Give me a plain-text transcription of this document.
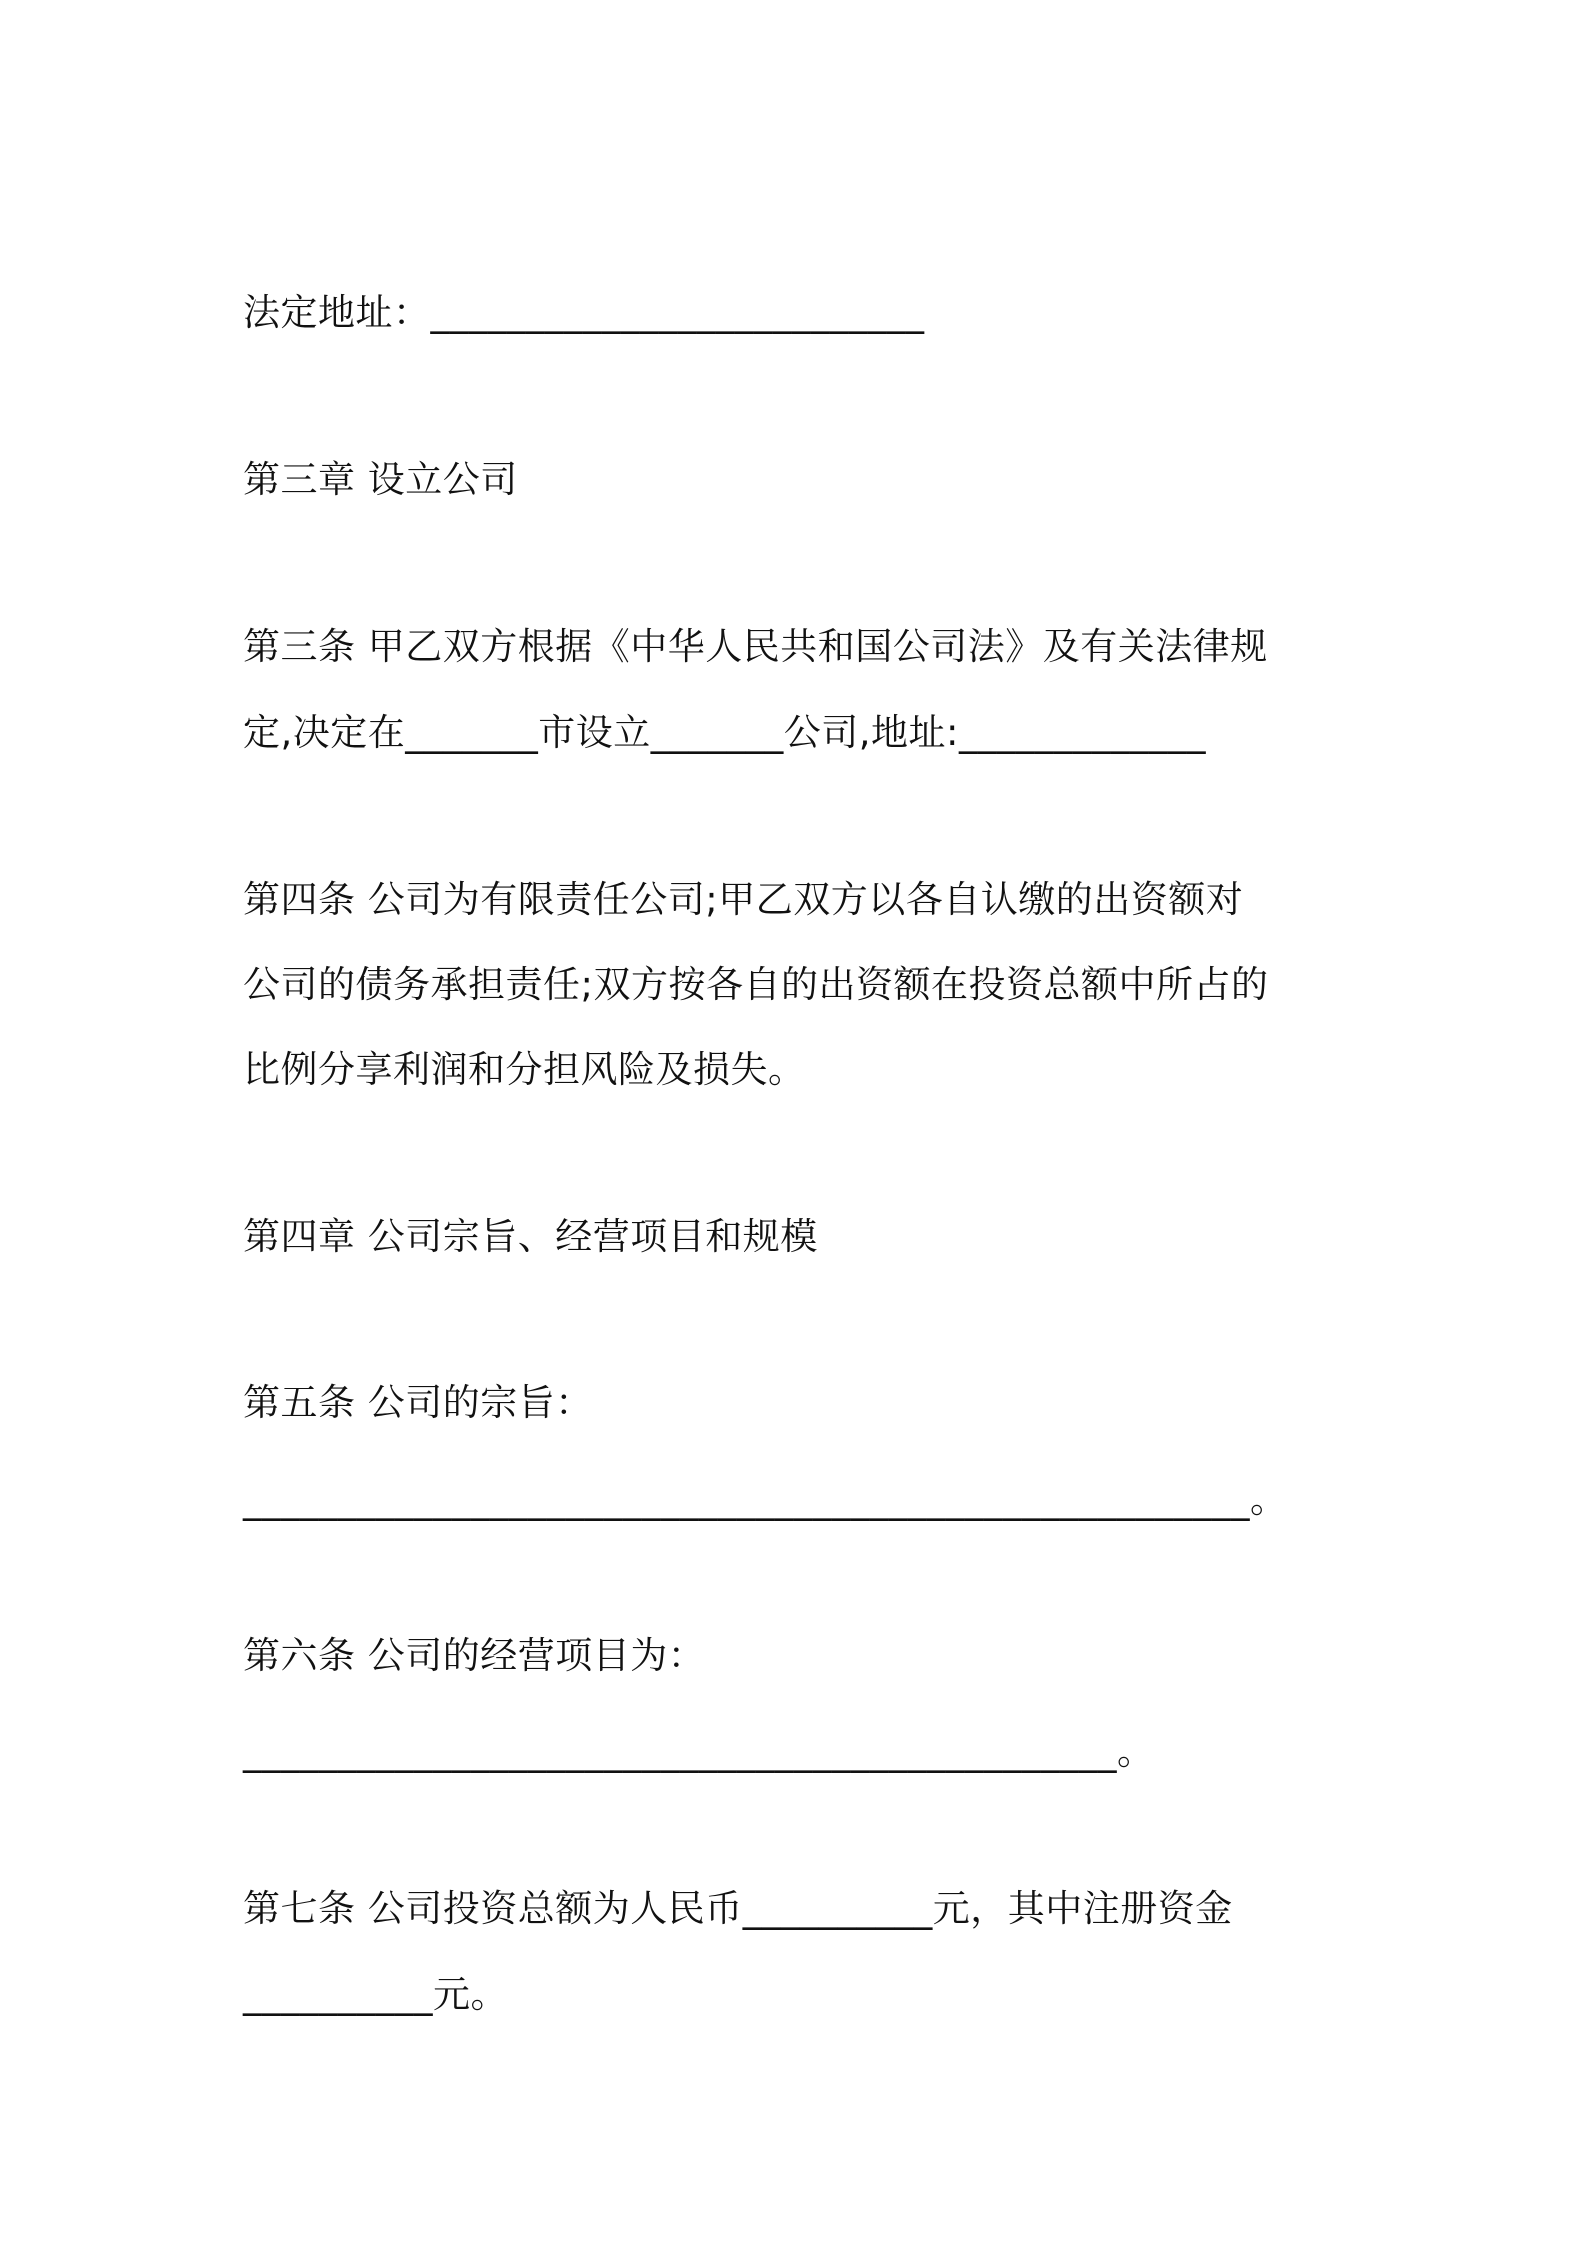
法定地址：__________________________
第三章 设立公司
第三条 甲乙双方根据《中华人民共和国公司法》及有关法律规
定,决定在_______市设立_______公司,地址:_____________
第四条 公司为有限责任公司;甲乙双方以各自认缴的出资额对
公司的债务承担责任;双方按各自的出资额在投资总额中所占的
比例分享利润和分担风险及损失。
第四章 公司宗旨、经营项目和规模
第五条 公司的宗旨：
_____________________________________________________。
第六条 公司的经营项目为：
______________________________________________。
第七条 公司投资总额为人民币__________元，其中注册资金
__________元。
